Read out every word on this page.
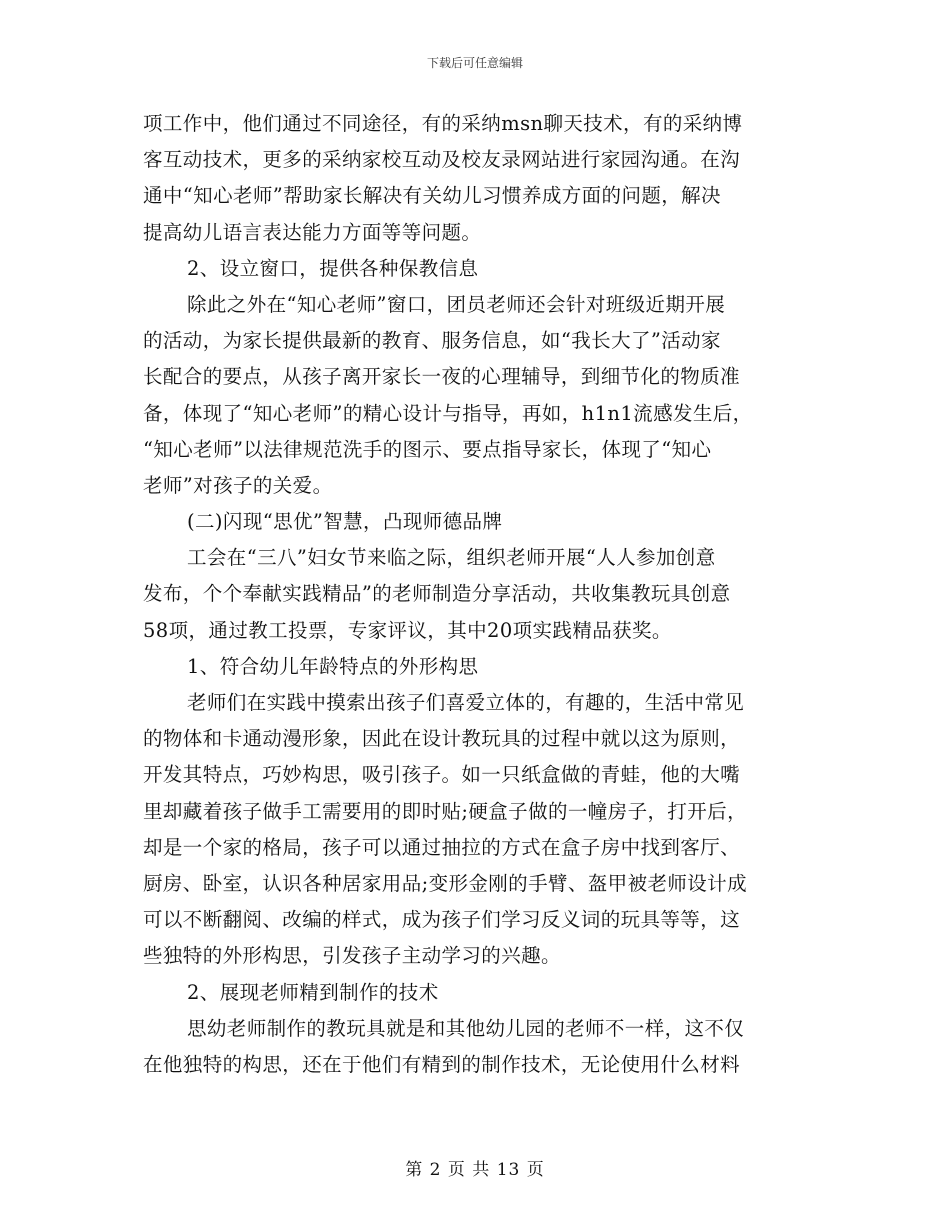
下载后可任意编辑
项工作中，他们通过不同途径，有的采纳msn聊天技术，有的采纳博
客互动技术，更多的采纳家校互动及校友录网站进行家园沟通。在沟
通中“知心老师”帮助家长解决有关幼儿习惯养成方面的问题，解决
提高幼儿语言表达能力方面等等问题。
2、设立窗口，提供各种保教信息
除此之外在“知心老师”窗口，团员老师还会针对班级近期开展
的活动，为家长提供最新的教育、服务信息，如“我长大了”活动家
长配合的要点，从孩子离开家长一夜的心理辅导，到细节化的物质准
备，体现了“知心老师”的精心设计与指导，再如，h1n1流感发生后，
“知心老师”以法律规范洗手的图示、要点指导家长，体现了“知心
老师”对孩子的关爱。
(二)闪现“思优”智慧，凸现师德品牌
工会在“三八”妇女节来临之际，组织老师开展“人人参加创意
发布，个个奉献实践精品”的老师制造分享活动，共收集教玩具创意
58项，通过教工投票，专家评议，其中20项实践精品获奖。
1、符合幼儿年龄特点的外形构思
老师们在实践中摸索出孩子们喜爱立体的，有趣的，生活中常见
的物体和卡通动漫形象，因此在设计教玩具的过程中就以这为原则，
开发其特点，巧妙构思，吸引孩子。如一只纸盒做的青蛙，他的大嘴
里却藏着孩子做手工需要用的即时贴;硬盒子做的一幢房子，打开后，
却是一个家的格局，孩子可以通过抽拉的方式在盒子房中找到客厅、
厨房、卧室，认识各种居家用品;变形金刚的手臂、盔甲被老师设计成
可以不断翻阅、改编的样式，成为孩子们学习反义词的玩具等等，这
些独特的外形构思，引发孩子主动学习的兴趣。
2、展现老师精到制作的技术
思幼老师制作的教玩具就是和其他幼儿园的老师不一样，这不仅
在他独特的构思，还在于他们有精到的制作技术，无论使用什么材料
第 2 页 共 13 页
